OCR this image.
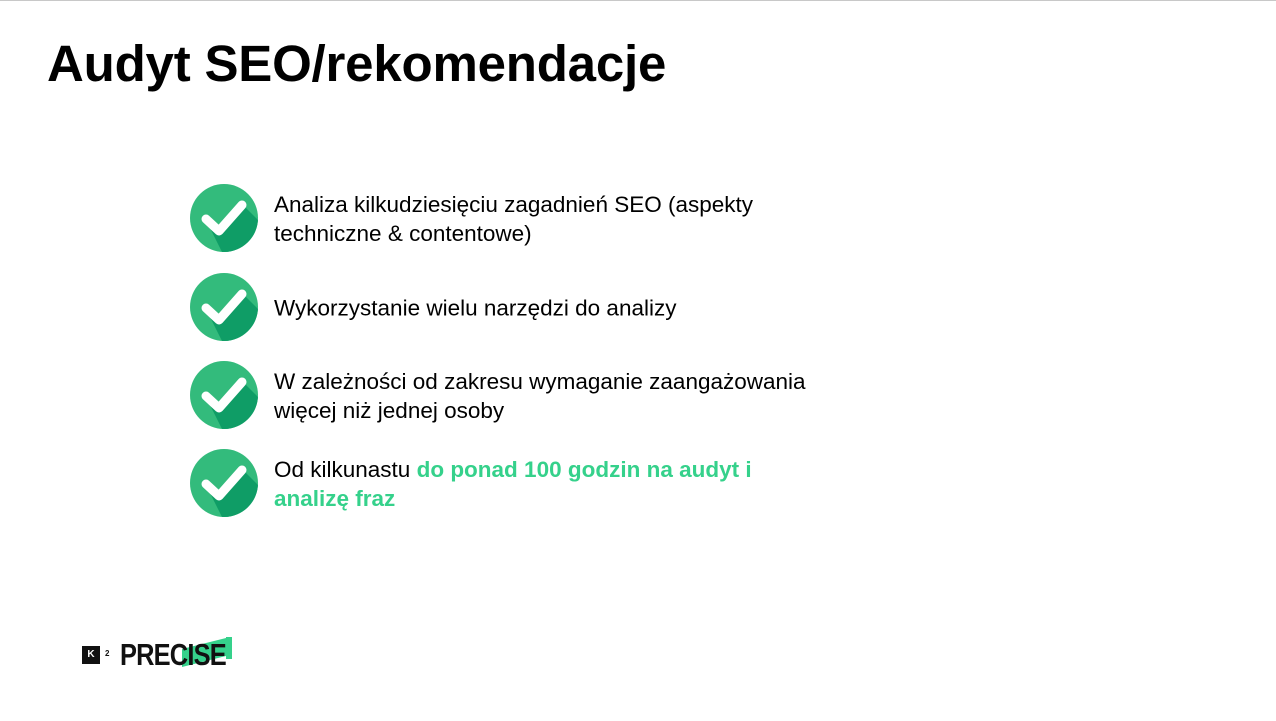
Audyt SEO/rekomendacje
Analiza kilkudziesięciu zagadnień SEO (aspekty techniczne & contentowe)
Wykorzystanie wielu narzędzi do analizy
W zależności od zakresu wymaganie zaangażowania więcej niż jednej osoby
Od kilkunastu do ponad 100 godzin na audyt i analizę fraz
K	2 PRECISE
